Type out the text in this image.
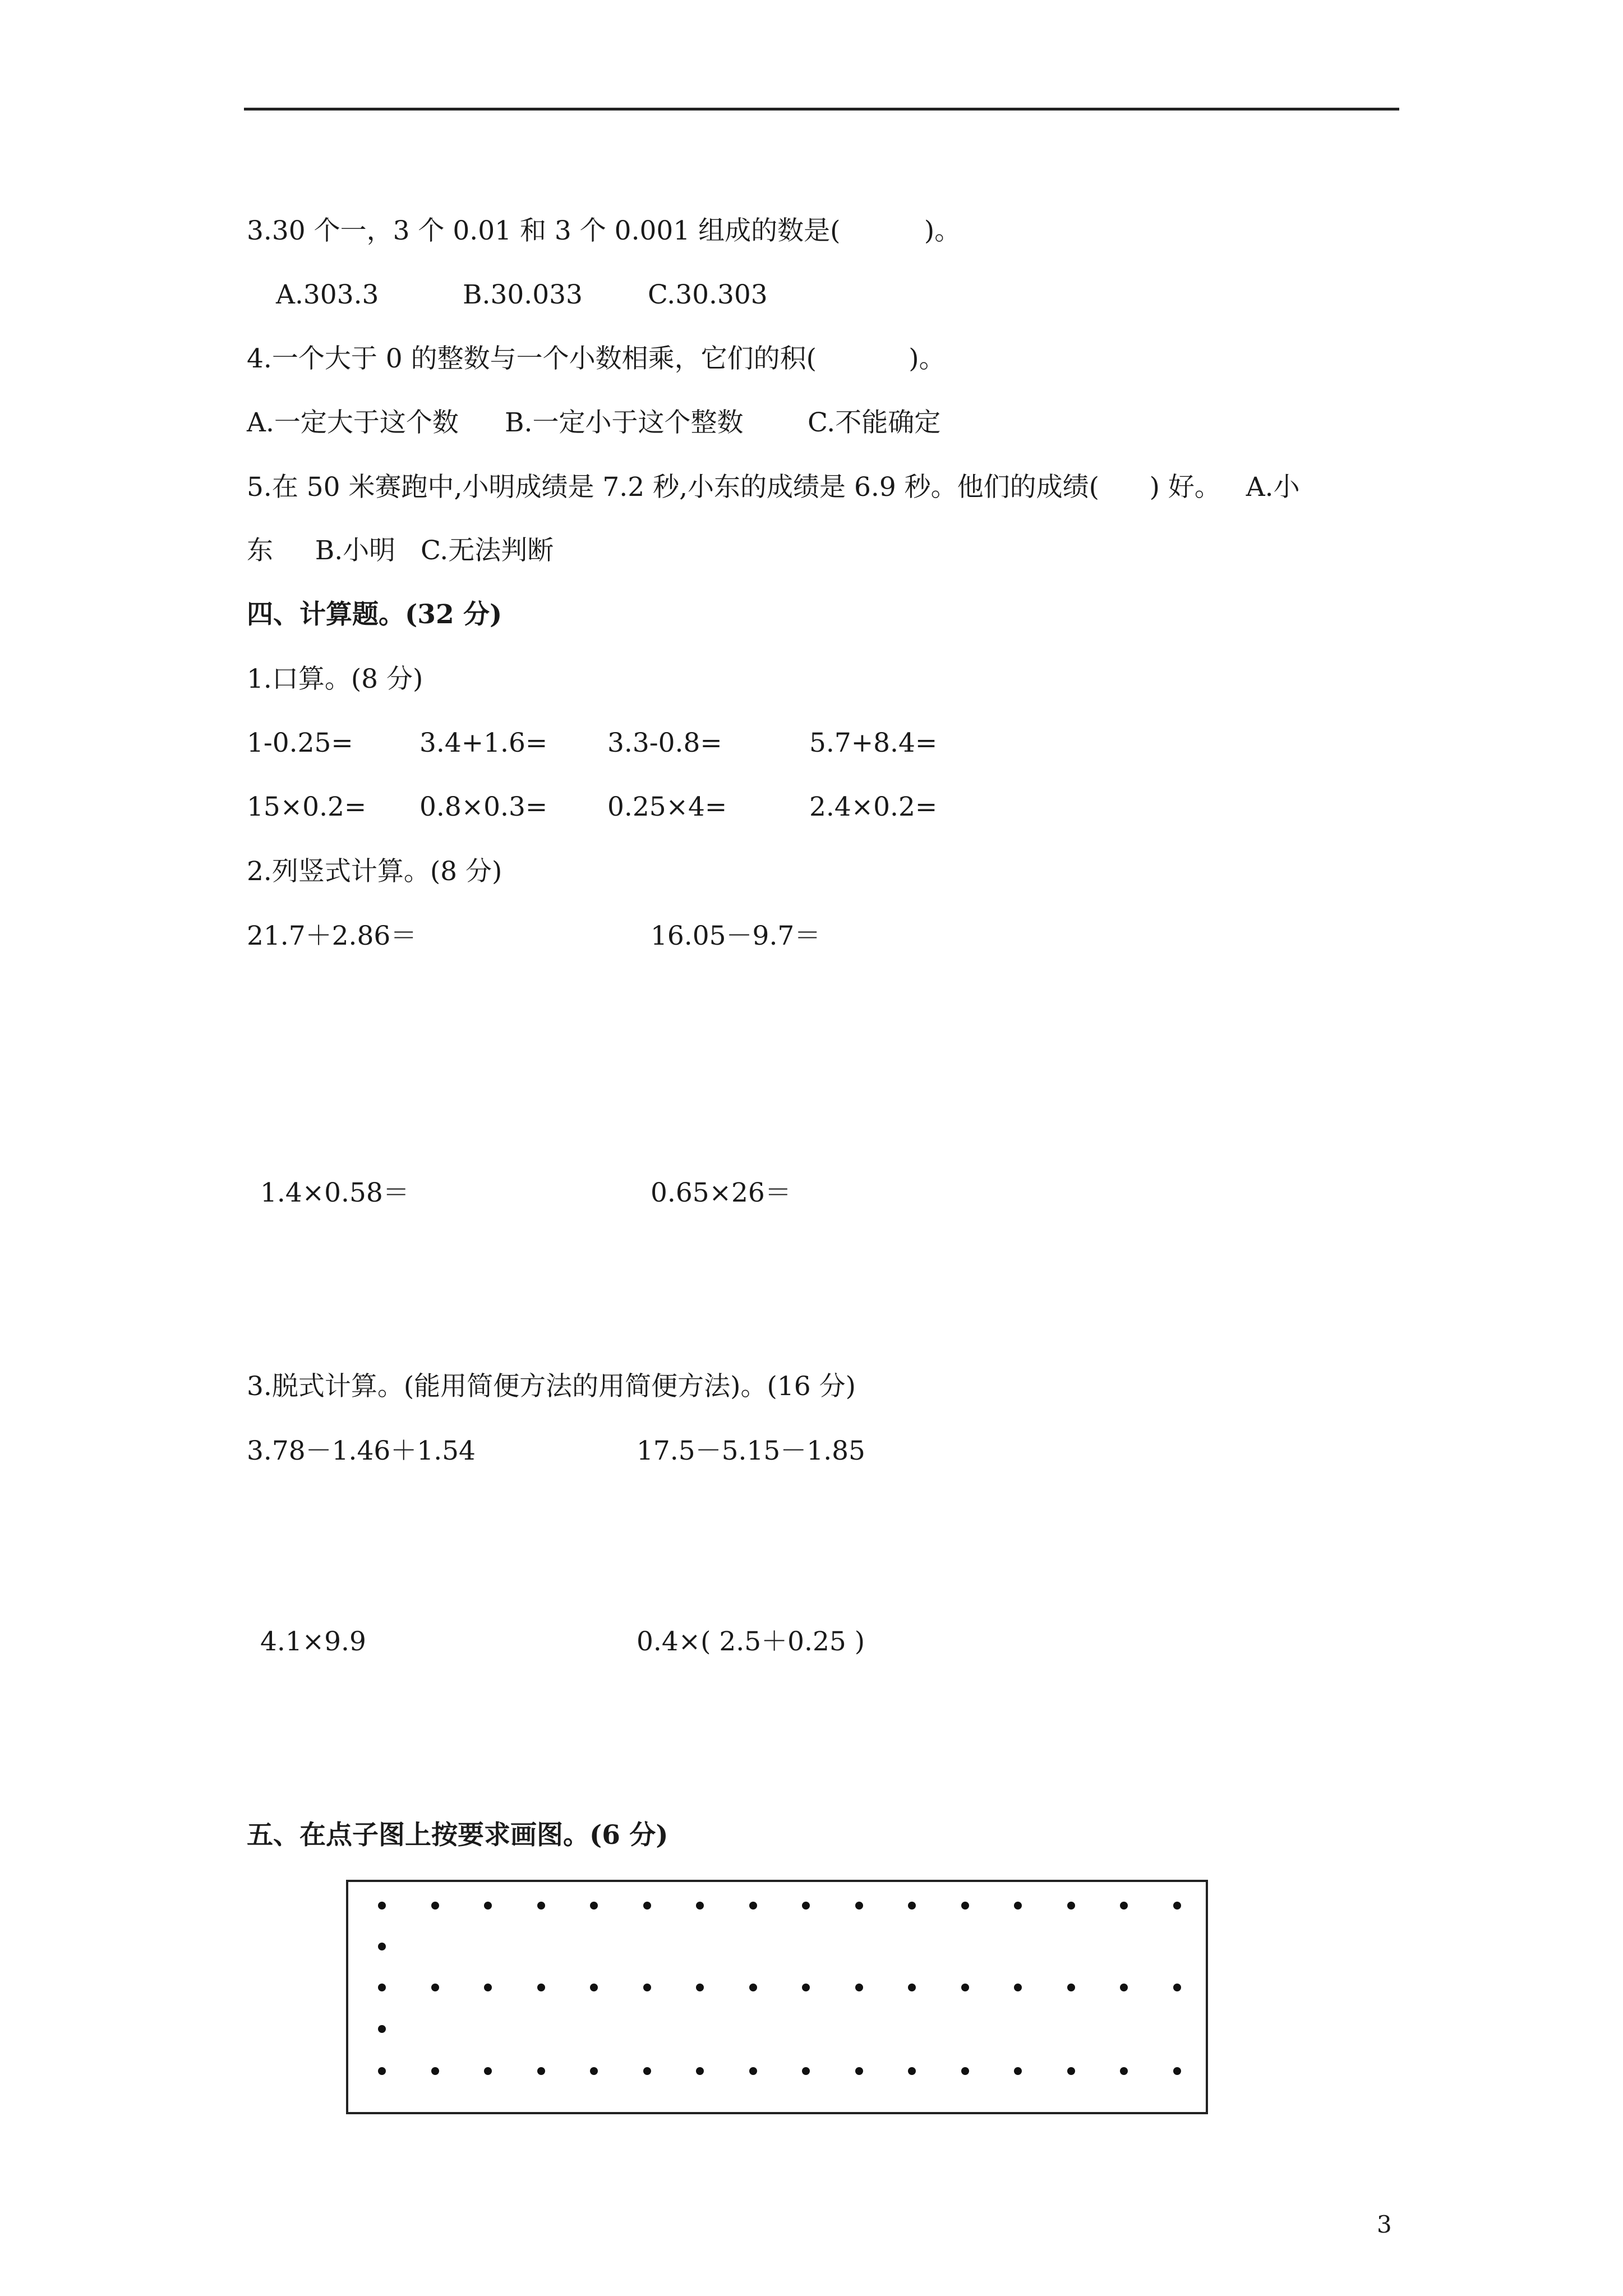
3.30 个一，3 个 0.01 和 3 个 0.001 组成的数是(          )。
A.303.3	B.30.033 C.30.303
4.一个大于 0 的整数与一个小数相乘，它们的积(           )。
A.一定大于这个数 B.一定小于这个整数 C.不能确定
5.在 50 米赛跑中,小明成绩是 7.2 秒,小东的成绩是 6.9 秒。他们的成绩(      ) 好。   A.小
东     B.小明   C.无法判断
四、计算题。(32 分)
1.口算。(8 分)
1-0.25=	3.4+1.6= 3.3-0.8=	5.7+8.4=
15×0.2= 0.8×0.3= 0.25×4=	2.4×0.2=
2.列竖式计算。(8 分)
21.7＋2.86＝	16.05－9.7＝
1.4×0.58＝	0.65×26＝
3.脱式计算。(能用简便方法的用简便方法)。(16 分)
3.78－1.46＋1.54	17.5－5.15－1.85
4.1×9.9	0.4×( 2.5＋0.25 )
五、在点子图上按要求画图。(6 分)
3
